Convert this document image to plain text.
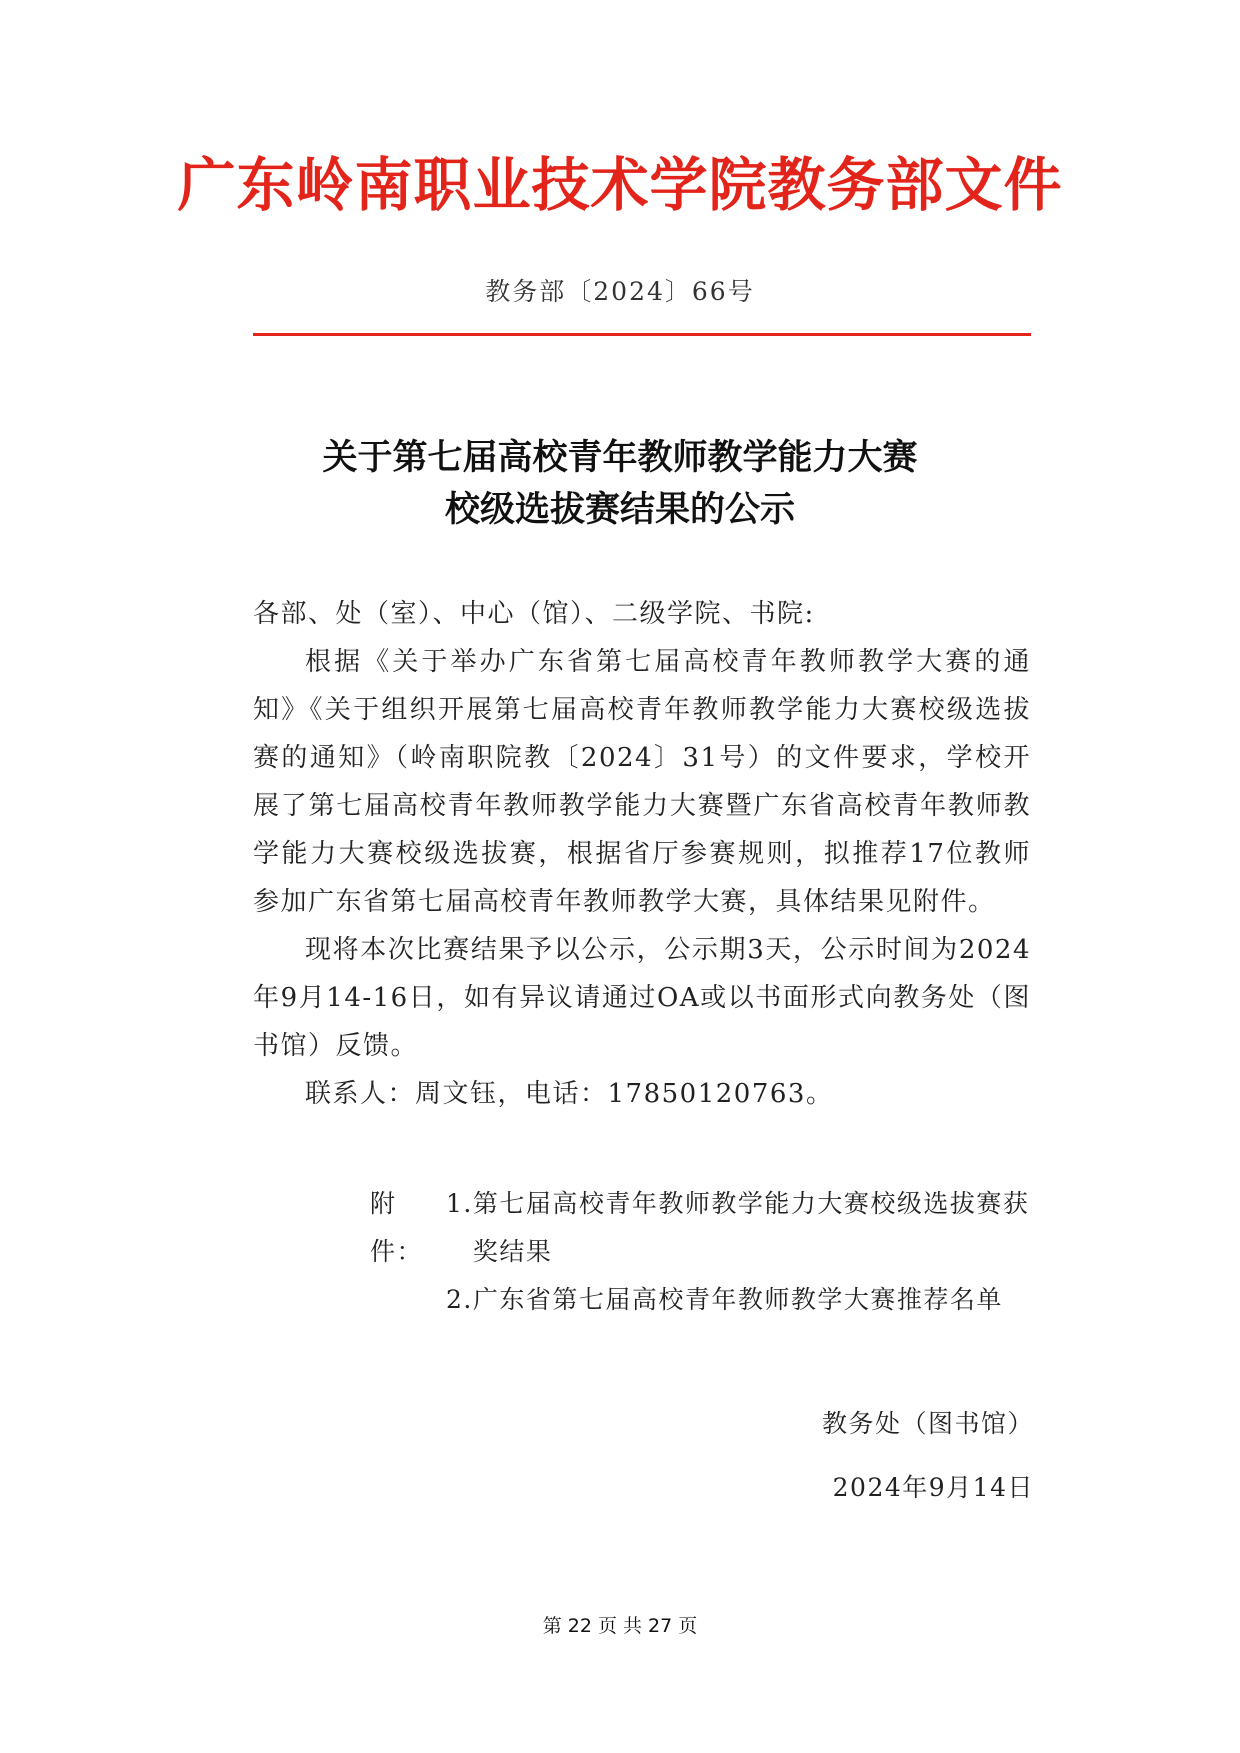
广东岭南职业技术学院教务部文件
教务部〔2024〕66号
关于第七届高校青年教师教学能力大赛
校级选拔赛结果的公示

各部、处（室）、中心（馆）、二级学院、书院:

根据《关于举办广东省第七届高校青年教师教学大赛的通知》《关于组织开展第七届高校青年教师教学能力大赛校级选拔赛的通知》（岭南职院教〔2024〕31号）的文件要求，学校开展了第七届高校青年教师教学能力大赛暨广东省高校青年教师教学能力大赛校级选拔赛，根据省厅参赛规则，拟推荐17位教师参加广东省第七届高校青年教师教学大赛，具体结果见附件。

现将本次比赛结果予以公示，公示期3天，公示时间为2024年9月14-16日，如有异议请通过OA或以书面形式向教务处（图书馆）反馈。

联系人：周文钰，电话：17850120763。

附件：
1. 第七届高校青年教师教学能力大赛校级选拔赛获奖结果
2. 广东省第七届高校青年教师教学大赛推荐名单
教务处（图书馆）
2024年9月14日
第 22 页 共 27 页
